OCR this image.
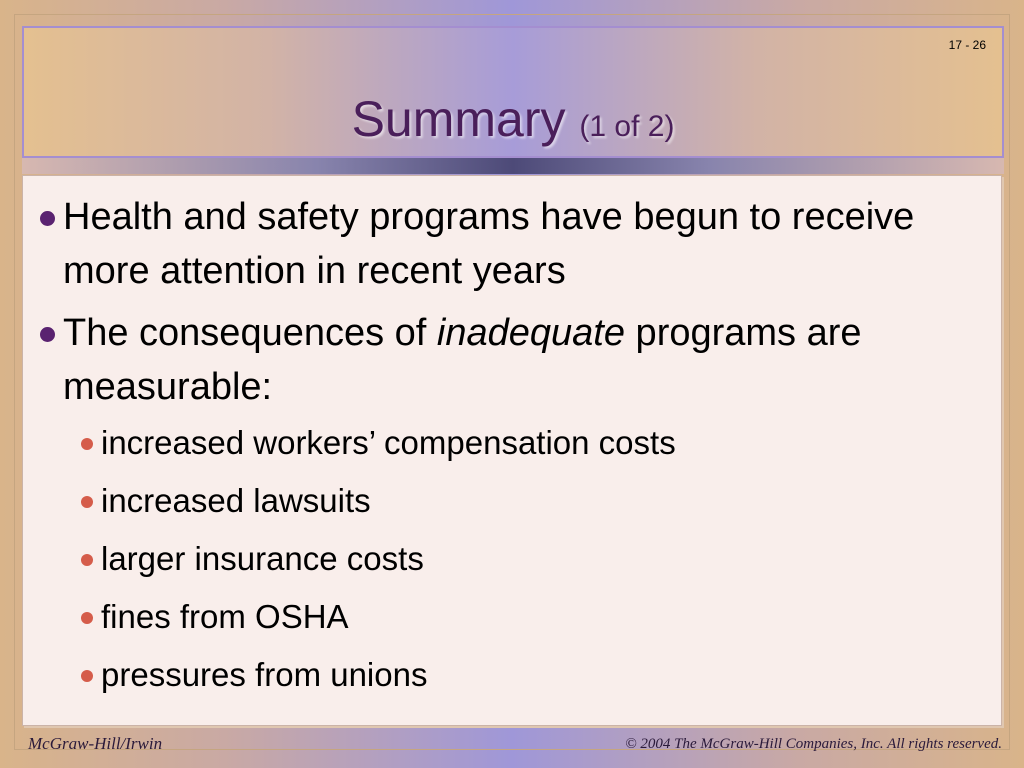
17 - 26
Summary (1 of 2)
Health and safety programs have begun to receive more attention in recent years
The consequences of inadequate programs are measurable:
increased workers’ compensation costs
increased lawsuits
larger insurance costs
fines from OSHA
pressures from unions
McGraw-Hill/Irwin	© 2004 The McGraw-Hill Companies, Inc. All rights reserved.
